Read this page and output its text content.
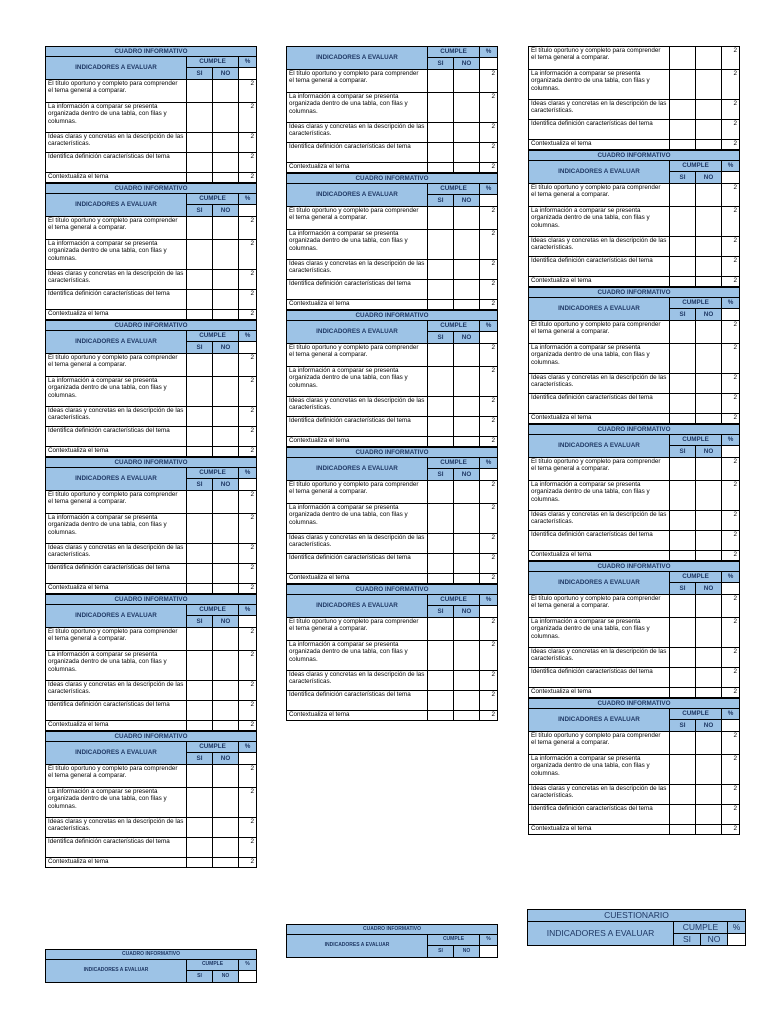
CUADRO INFORMATIVO			
INDICADORES A EVALUAR	CUMPLE		%
	SI	NO	
El título oportuno y completo para comprender el tema general a comparar.			2
La información a comparar se presenta organizada dentro de una tabla, con filas y columnas.			2
Ideas claras y concretas en la descripción de las características.			2
Identifica definición características del tema			2
Contextualiza el tema			2
CUADRO INFORMATIVO			
INDICADORES A EVALUAR	CUMPLE		%
	SI	NO	
El título oportuno y completo para comprender el tema general a comparar.			2
La información a comparar se presenta organizada dentro de una tabla, con filas y columnas.			2
Ideas claras y concretas en la descripción de las características.			2
Identifica definición características del tema			2
Contextualiza el tema			2
CUADRO INFORMATIVO			
INDICADORES A EVALUAR	CUMPLE		%
	SI	NO	
El título oportuno y completo para comprender el tema general a comparar.			2
La información a comparar se presenta organizada dentro de una tabla, con filas y columnas.			2
Ideas claras y concretas en la descripción de las características.			2
Identifica definición características del tema			2
Contextualiza el tema			2
CUADRO INFORMATIVO			
INDICADORES A EVALUAR	CUMPLE		%
	SI	NO	
El título oportuno y completo para comprender el tema general a comparar.			2
La información a comparar se presenta organizada dentro de una tabla, con filas y columnas.			2
Ideas claras y concretas en la descripción de las características.			2
Identifica definición características del tema			2
Contextualiza el tema			2
CUADRO INFORMATIVO			
INDICADORES A EVALUAR	CUMPLE		%
	SI	NO	
El título oportuno y completo para comprender el tema general a comparar.			2
La información a comparar se presenta organizada dentro de una tabla, con filas y columnas.			2
Ideas claras y concretas en la descripción de las características.			2
Identifica definición características del tema			2
Contextualiza el tema			2
CUADRO INFORMATIVO			
INDICADORES A EVALUAR	CUMPLE		%
	SI	NO	
El título oportuno y completo para comprender el tema general a comparar.			2
La información a comparar se presenta organizada dentro de una tabla, con filas y columnas.			2
Ideas claras y concretas en la descripción de las características.			2
Identifica definición características del tema			2
Contextualiza el tema			2
INDICADORES A EVALUAR	CUMPLE		%
	SI	NO	
El título oportuno y completo para comprender el tema general a comparar.			2
La información a comparar se presenta organizada dentro de una tabla, con filas y columnas.			2
Ideas claras y concretas en la descripción de las características.			2
Identifica definición características del tema			2
Contextualiza el tema			2
CUADRO INFORMATIVO			
INDICADORES A EVALUAR	CUMPLE		%
	SI	NO	
El título oportuno y completo para comprender el tema general a comparar.			2
La información a comparar se presenta organizada dentro de una tabla, con filas y columnas.			2
Ideas claras y concretas en la descripción de las características.			2
Identifica definición características del tema			2
Contextualiza el tema			2
CUADRO INFORMATIVO			
INDICADORES A EVALUAR	CUMPLE		%
	SI	NO	
El título oportuno y completo para comprender el tema general a comparar.			2
La información a comparar se presenta organizada dentro de una tabla, con filas y columnas.			2
Ideas claras y concretas en la descripción de las características.			2
Identifica definición características del tema			2
Contextualiza el tema			2
CUADRO INFORMATIVO			
INDICADORES A EVALUAR	CUMPLE		%
	SI	NO	
El título oportuno y completo para comprender el tema general a comparar.			2
La información a comparar se presenta organizada dentro de una tabla, con filas y columnas.			2
Ideas claras y concretas en la descripción de las características.			2
Identifica definición características del tema			2
Contextualiza el tema			2
CUADRO INFORMATIVO			
INDICADORES A EVALUAR	CUMPLE		%
	SI	NO	
El título oportuno y completo para comprender el tema general a comparar.			2
La información a comparar se presenta organizada dentro de una tabla, con filas y columnas.			2
Ideas claras y concretas en la descripción de las características.			2
Identifica definición características del tema			2
Contextualiza el tema			2
El título oportuno y completo para comprender el tema general a comparar.			2
La información a comparar se presenta organizada dentro de una tabla, con filas y columnas.			2
Ideas claras y concretas en la descripción de las características.			2
Identifica definición características del tema			2
Contextualiza el tema			2
CUADRO INFORMATIVO			
INDICADORES A EVALUAR	CUMPLE		%
	SI	NO	
El título oportuno y completo para comprender el tema general a comparar.			2
La información a comparar se presenta organizada dentro de una tabla, con filas y columnas.			2
Ideas claras y concretas en la descripción de las características.			2
Identifica definición características del tema			2
Contextualiza el tema			2
CUADRO INFORMATIVO			
INDICADORES A EVALUAR	CUMPLE		%
	SI	NO	
El título oportuno y completo para comprender el tema general a comparar.			2
La información a comparar se presenta organizada dentro de una tabla, con filas y columnas.			2
Ideas claras y concretas en la descripción de las características.			2
Identifica definición características del tema			2
Contextualiza el tema			2
CUADRO INFORMATIVO			
INDICADORES A EVALUAR	CUMPLE		%
	SI	NO	
El título oportuno y completo para comprender el tema general a comparar.			2
La información a comparar se presenta organizada dentro de una tabla, con filas y columnas.			2
Ideas claras y concretas en la descripción de las características.			2
Identifica definición características del tema			2
Contextualiza el tema			2
CUADRO INFORMATIVO			
INDICADORES A EVALUAR	CUMPLE		%
	SI	NO	
El título oportuno y completo para comprender el tema general a comparar.			2
La información a comparar se presenta organizada dentro de una tabla, con filas y columnas.			2
Ideas claras y concretas en la descripción de las características.			2
Identifica definición características del tema			2
Contextualiza el tema			2
CUADRO INFORMATIVO			
INDICADORES A EVALUAR	CUMPLE		%
	SI	NO	
El título oportuno y completo para comprender el tema general a comparar.			2
La información a comparar se presenta organizada dentro de una tabla, con filas y columnas.			2
Ideas claras y concretas en la descripción de las características.			2
Identifica definición características del tema			2
Contextualiza el tema			2
CUESTIONARIO			
INDICADORES A EVALUAR	CUMPLE		%
	SI	NO	
CUADRO INFORMATIVO			
INDICADORES A EVALUAR	CUMPLE		%
	SI	NO	
CUADRO INFORMATIVO			
INDICADORES A EVALUAR	CUMPLE		%
	SI	NO	
